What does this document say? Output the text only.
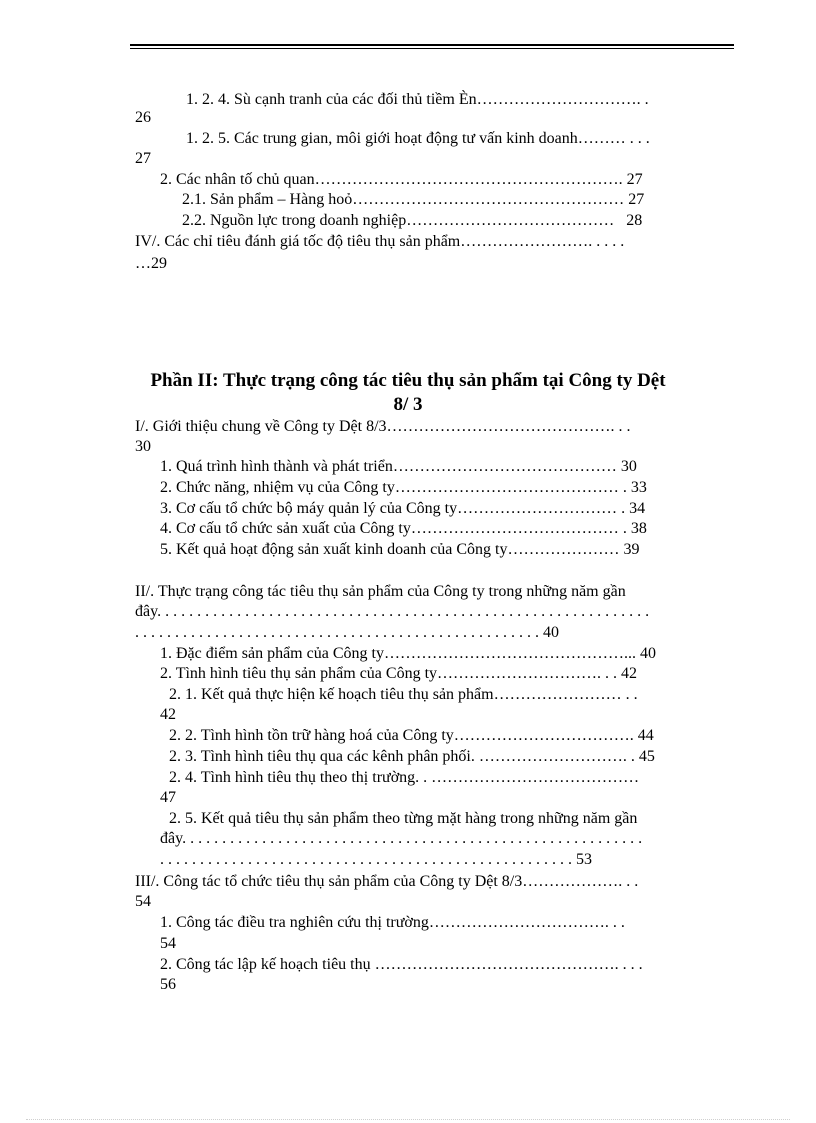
1. 2. 4. Sù cạnh tranh của các đối thủ tiềm Èn…………………………. .
26
1. 2. 5. Các trung gian, môi giới hoạt động tư vấn kinh doanh……… . . .
27
2. Các nhân tố chủ quan…………………………………………………. 27
2.1. Sản phẩm – Hàng hoỏ…………………………………………… 27
2.2. Nguồn lực trong doanh nghiệp…………………………………   28
IV/. Các chỉ tiêu đánh giá tốc độ tiêu thụ sản phẩm……………………. . . . .
…29
Phần II: Thực trạng công tác tiêu thụ sản phẩm tại Công ty Dệt
8/ 3
I/. Giới thiệu chung về Công ty Dệt 8/3……………………………………. . .
30
1. Quá trình hình thành và phát triển…………………………………… 30
2. Chức năng, nhiệm vụ của Công ty…………………………………… . 33
3. Cơ cấu tổ chức bộ máy quản lý của Công ty………………………… . 34
4. Cơ cấu tổ chức sản xuất của Công ty………………………………… . 38
5. Kết quả hoạt động sản xuất kinh doanh của Công ty………………… 39
II/. Thực trạng công tác tiêu thụ sản phẩm của Công ty trong những năm gần
đây. . . . . . . . . . . . . . . . . . . . . . . . . . . . . . . . . . . . . . . . . . . . . . . . . . . . . . . . . . . . . .
. . . . . . . . . . . . . . . . . . . . . . . . . . . . . . . . . . . . . . . . . . . . . . . . . . . 40
1. Đặc điểm sản phẩm của Công ty………………………………………... 40
2. Tình hình tiêu thụ sản phẩm của Công ty…………………………. . . 42
2. 1. Kết quả thực hiện kế hoạch tiêu thụ sản phẩm…………………… . .
42
2. 2. Tình hình tồn trữ hàng hoá của Công ty……………………………. 44
2. 3. Tình hình tiêu thụ qua các kênh phân phối. ………………………. . 45
2. 4. Tình hình tiêu thụ theo thị trường. . …………………………………
47
2. 5. Kết quả tiêu thụ sản phẩm theo từng mặt hàng trong những năm gần
đây. . . . . . . . . . . . . . . . . . . . . . . . . . . . . . . . . . . . . . . . . . . . . . . . . . . . . . . . . .
. . . . . . . . . . . . . . . . . . . . . . . . . . . . . . . . . . . . . . . . . . . . . . . . . . . . 53
III/. Công tác tổ chức tiêu thụ sản phẩm của Công ty Dệt 8/3………………. . .
54
1. Công tác điều tra nghiên cứu thị trường……………………………. . .
54
2. Công tác lập kế hoạch tiêu thụ ………………………………………. . . .
56
